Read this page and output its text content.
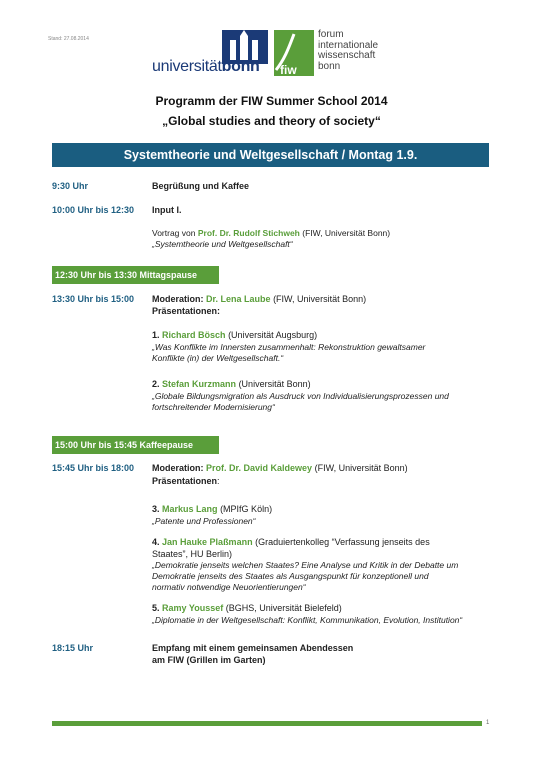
Stand: 27.08.2014
universitätbonn fiw
forum
internationale
wissenschaft
bonn
Programm der FIW Summer School 2014
„Global studies and theory of society“
Systemtheorie und Weltgesellschaft / Montag 1.9.
9:30 Uhr	Begrüßung und Kaffee
10:00 Uhr bis 12:30 Input I.
Vortrag von Prof. Dr. Rudolf Stichweh (FIW, Universität Bonn)
„Systemtheorie und Weltgesellschaft“
12:30 Uhr bis 13:30 Mittagspause
13:30 Uhr bis 15:00 Moderation: Dr. Lena Laube (FIW, Universität Bonn)
Präsentationen:
1. Richard Bösch (Universität Augsburg)
„Was Konflikte im Innersten zusammenhalt: Rekonstruktion gewaltsamer
Konflikte (in) der Weltgesellschaft.“
2. Stefan Kurzmann (Universität Bonn)
„Globale Bildungsmigration als Ausdruck von Individualisierungsprozessen und
fortschreitender Modernisierung“
15:00 Uhr bis 15:45 Kaffeepause
15:45 Uhr bis 18:00 Moderation: Prof. Dr. David Kaldewey (FIW, Universität Bonn)
Präsentationen:
3. Markus Lang (MPIfG Köln)
„Patente und Professionen“
4. Jan Hauke Plaßmann (Graduiertenkolleg “Verfassung jenseits des
Staates”, HU Berlin)
„Demokratie jenseits welchen Staates? Eine Analyse und Kritik in der Debatte um
Demokratie jenseits des Staates als Ausgangspunkt für konzeptionell und
normativ notwendige Neuorientierungen“
5. Ramy Youssef (BGHS, Universität Bielefeld)
„Diplomatie in der Weltgesellschaft: Konflikt, Kommunikation, Evolution, Institution“
18:15 Uhr	Empfang mit einem gemeinsamen Abendessen
am FIW (Grillen im Garten)
1
